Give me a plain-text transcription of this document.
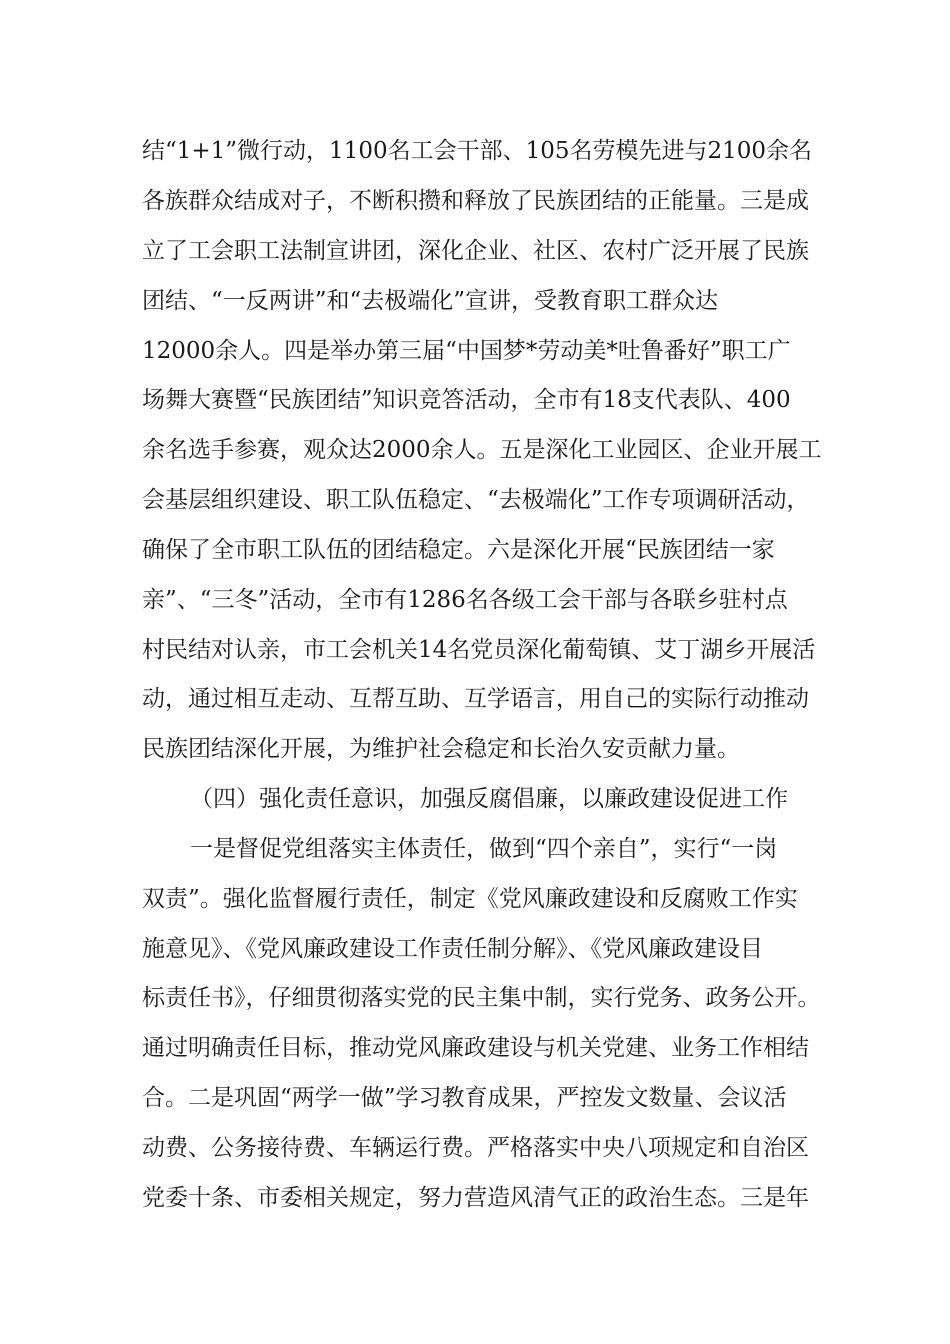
结“1+1”微行动，1100名工会干部、105名劳模先进与2100余名
各族群众结成对子，不断积攒和释放了民族团结的正能量。三是成
立了工会职工法制宣讲团，深化企业、社区、农村广泛开展了民族
团结、“一反两讲”和“去极端化”宣讲，受教育职工群众达
12000余人。四是举办第三届“中国梦*劳动美*吐鲁番好”职工广
场舞大赛暨“民族团结”知识竞答活动，全市有18支代表队、400
余名选手参赛，观众达2000余人。五是深化工业园区、企业开展工
会基层组织建设、职工队伍稳定、“去极端化”工作专项调研活动，
确保了全市职工队伍的团结稳定。六是深化开展“民族团结一家
亲”、“三冬”活动，全市有1286名各级工会干部与各联乡驻村点
村民结对认亲，市工会机关14名党员深化葡萄镇、艾丁湖乡开展活
动，通过相互走动、互帮互助、互学语言，用自己的实际行动推动
民族团结深化开展，为维护社会稳定和长治久安贡献力量。
（四）强化责任意识，加强反腐倡廉，以廉政建设促进工作
一是督促党组落实主体责任，做到“四个亲自”，实行“一岗
双责”。强化监督履行责任，制定《党风廉政建设和反腐败工作实
施意见》、《党风廉政建设工作责任制分解》、《党风廉政建设目
标责任书》，仔细贯彻落实党的民主集中制，实行党务、政务公开。
通过明确责任目标，推动党风廉政建设与机关党建、业务工作相结
合。二是巩固“两学一做”学习教育成果，严控发文数量、会议活
动费、公务接待费、车辆运行费。严格落实中央八项规定和自治区
党委十条、市委相关规定，努力营造风清气正的政治生态。三是年
